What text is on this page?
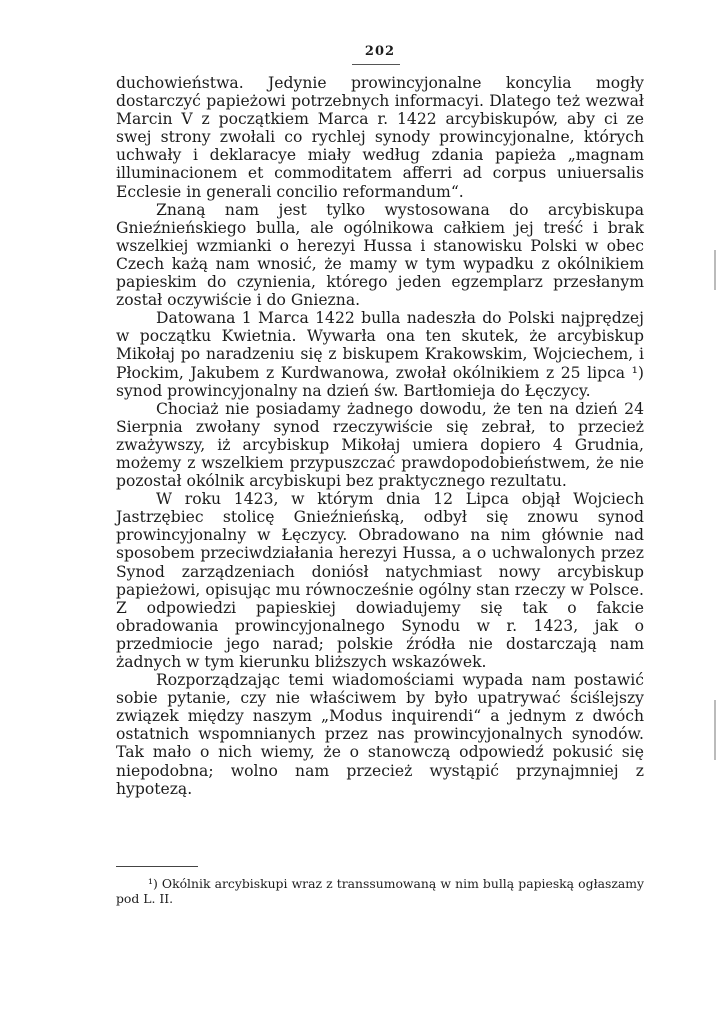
202

duchowieństwa. Jedynie prowincyjonalne koncylia mogły dostarczyć papieżowi potrzebnych informacyi. Dlatego też wezwał Marcin V z początkiem Marca r. 1422 arcybiskupów, aby ci ze swej strony zwołali co rychlej synody prowincyjonalne, których uchwały i deklaracye miały według zdania papieża „magnam illuminacionem et commoditatem afferri ad corpus uniuersalis Ecclesie in generali concilio reformandum“.

Znaną nam jest tylko wystosowana do arcybiskupa Gnieźnieńskiego bulla, ale ogólnikowa całkiem jej treść i brak wszelkiej wzmianki o herezyi Hussa i stanowisku Polski w obec Czech każą nam wnosić, że mamy w tym wypadku z okólnikiem papieskim do czynienia, którego jeden egzemplarz przesłanym został oczywiście i do Gniezna.

Datowana 1 Marca 1422 bulla nadeszła do Polski najprędzej w początku Kwietnia. Wywarła ona ten skutek, że arcybiskup Mikołaj po naradzeniu się z biskupem Krakowskim, Wojciechem, i Płockim, Jakubem z Kurdwanowa, zwołał okólnikiem z 25 lipca ¹) synod prowincyjonalny na dzień św. Bartłomieja do Łęczycy.

Chociaż nie posiadamy żadnego dowodu, że ten na dzień 24 Sierpnia zwołany synod rzeczywiście się zebrał, to przecież zważywszy, iż arcybiskup Mikołaj umiera dopiero 4 Grudnia, możemy z wszelkiem przypuszczać prawdopodobieństwem, że nie pozostał okólnik arcybiskupi bez praktycznego rezultatu.

W roku 1423, w którym dnia 12 Lipca objął Wojciech Jastrzębiec stolicę Gnieźnieńską, odbył się znowu synod prowincyjonalny w Łęczycy. Obradowano na nim głównie nad sposobem przeciwdziałania herezyi Hussa, a o uchwalonych przez Synod zarządzeniach doniósł natychmiast nowy arcybiskup papieżowi, opisując mu równocześnie ogólny stan rzeczy w Polsce. Z odpowiedzi papieskiej dowiadujemy się tak o fakcie obradowania prowincyjonalnego Synodu w r. 1423, jak o przedmiocie jego narad; polskie źródła nie dostarczają nam żadnych w tym kierunku bliższych wskazówek.

Rozporządzając temi wiadomościami wypada nam postawić sobie pytanie, czy nie właściwem by było upatrywać ściślejszy związek między naszym „Modus inquirendi“ a jednym z dwóch ostatnich wspomnianych przez nas prowincyjonalnych synodów. Tak mało o nich wiemy, że o stanowczą odpowiedź pokusić się niepodobna; wolno nam przecież wystąpić przynajmniej z hypotezą.

¹) Okólnik arcybiskupi wraz z transsumowaną w nim bullą papieską ogłaszamy pod L. II.
